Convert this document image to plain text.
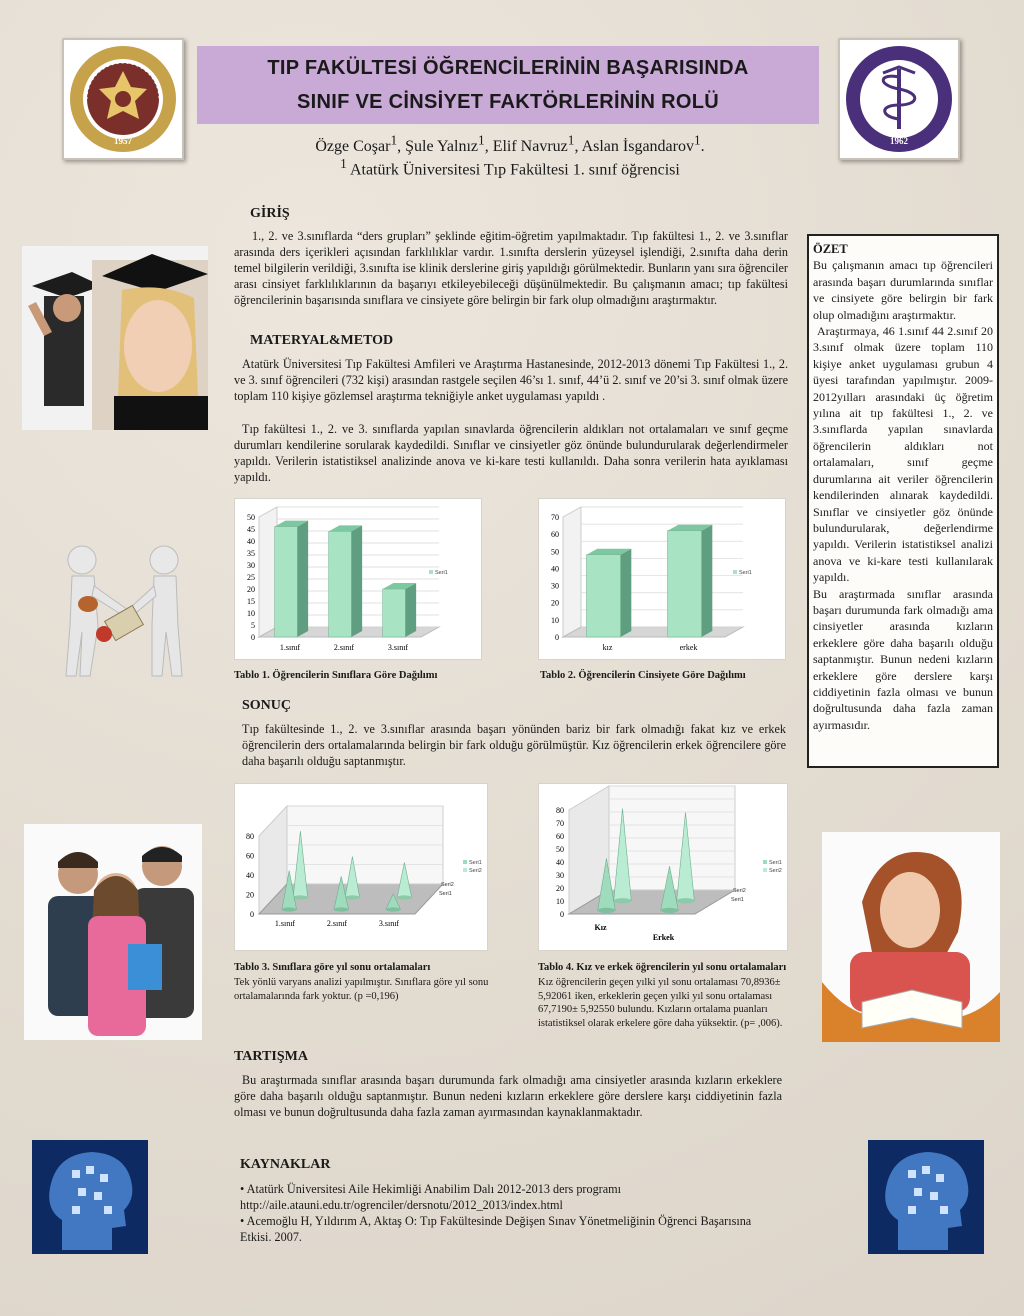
1957
TIP FAKÜLTESİ ÖĞRENCİLERİNİN BAŞARISINDA
SINIF VE CİNSİYET FAKTÖRLERİNİN ROLÜ
1962
Özge Coşar$^1$, Şule Yalnız$^1$, Elif Navruz$^1$, Aslan İsgandarov$^1$.
$^1$ Atatürk Üniversitesi Tıp Fakültesi 1. sınıf öğrencisi
GİRİŞ
1., 2. ve 3.sınıflarda “ders grupları” şeklinde eğitim-öğretim yapılmaktadır. Tıp fakültesi 1., 2. ve 3.sınıflar arasında ders içerikleri açısından farklılıklar vardır. 1.sınıfta derslerin yüzeysel işlendiği, 2.sınıfta daha derin temel bilgilerin verildiği, 3.sınıfta ise klinik derslerine giriş yapıldığı görülmektedir. Bunların yanı sıra öğrenciler arası cinsiyet farklılıklarının da başarıyı etkileyebileceği düşünülmektedir. Bu çalışmanın amacı; tıp fakültesi öğrencilerinin başarısında sınıflara ve cinsiyete göre belirgin bir fark olup olmadığını araştırmaktır.
MATERYAL&METOD
Atatürk Üniversitesi Tıp Fakültesi Amfileri ve Araştırma Hastanesinde, 2012-2013 dönemi Tıp Fakültesi 1., 2. ve 3. sınıf öğrencileri (732 kişi) arasından rastgele seçilen 46’sı 1. sınıf, 44’ü 2. sınıf ve 20’si 3. sınıf olmak üzere toplam 110 kişiye gözlemsel araştırma tekniğiyle anket uygulaması yapıldı .
Tıp fakültesi 1., 2. ve 3. sınıflarda yapılan sınavlarda öğrencilerin aldıkları not ortalamaları ve sınıf geçme durumları kendilerine sorularak kaydedildi. Sınıflar ve cinsiyetler göz önünde bulundurularak değerlendirmeler yapıldı. Verilerin istatistiksel analizinde anova ve ki-kare testi kullanıldı. Daha sonra verilerin hata ayıklaması yapıldı.
ÖZET
Bu çalışmanın amacı tıp öğrencileri arasında başarı durumlarında sınıflar ve cinsiyete göre belirgin bir fark olup olmadığını araştırmaktır.
Araştırmaya, 46 1.sınıf 44 2.sınıf 20 3.sınıf olmak üzere toplam 110 kişiye anket uygulaması grubun 4 üyesi tarafından yapılmıştır. 2009-2012yılları arasındaki üç öğretim yılına ait tıp fakültesi 1., 2. ve 3.sınıflarda yapılan sınavlarda öğrencilerin aldıkları not ortalamaları, sınıf geçme durumlarına ait veriler öğrencilerin kendilerinden alınarak kaydedildi. Sınıflar ve cinsiyetler göz önünde bulundurularak, değerlendirme yapıldı. Verilerin istatistiksel analizi anova ve ki-kare testi kullanılarak yapıldı.
Bu araştırmada sınıflar arasında başarı durumunda fark olmadığı ama cinsiyetler arasında kızların erkeklere göre daha başarılı olduğu saptanmıştır. Bunun nedeni kızların erkeklere göre derslere karşı ciddiyetinin fazla olması ve bunun doğrultusunda daha fazla zaman ayırmasıdır.
0
5
10
15
20
25
30
35
40
45
50
1.sınıf	2.sınıf	3.sınıf
Seri1
0
10
20
30
40
50
60
70
kız	erkek
Seri1
Tablo 1. Öğrencilerin Sınıflara Göre Dağılımı	Tablo 2. Öğrencilerin Cinsiyete Göre Dağılımı
SONUÇ
Tıp fakültesinde 1., 2. ve 3.sınıflar arasında başarı yönünden bariz bir fark olmadığı fakat kız ve erkek öğrencilerin ders ortalamalarında belirgin bir fark olduğu görülmüştür. Kız öğrencilerin erkek öğrencilere göre daha başarılı olduğu saptanmıştır.
0
20
40
60
80
1.sınıf	2.sınıf	3.sınıf
Seri2
Seri1
Seri1
Seri2
0
10
20
30
40
50
60
70
80
Kız
Erkek
Seri2
Seri1
Seri1
Seri2
Tablo 3. Sınıflara göre yıl sonu ortalamaları
Tek yönlü varyans analizi yapılmıştır. Sınıflara göre yıl sonu ortalamalarında fark yoktur. (p =0,196)
Tablo 4. Kız ve erkek öğrencilerin yıl sonu ortalamaları
Kız öğrencilerin geçen yılki yıl sonu ortalaması 70,8936± 5,92061 iken, erkeklerin geçen yılki yıl sonu ortalaması 67,7190± 5,92550 bulundu. Kızların ortalama puanları istatistiksel olarak erkelere göre daha yüksektir. (p= ,006).
TARTIŞMA
Bu araştırmada sınıflar arasında başarı durumunda fark olmadığı ama cinsiyetler arasında kızların erkeklere göre daha başarılı olduğu saptanmıştır. Bunun nedeni kızların erkeklere göre derslere karşı ciddiyetinin fazla olması ve bunun doğrultusunda daha fazla zaman ayırmasından kaynaklanmaktadır.
KAYNAKLAR
• Atatürk Üniversitesi Aile Hekimliği Anabilim Dalı 2012-2013 ders programı http://aile.atauni.edu.tr/ogrenciler/dersnotu/2012_2013/index.html
• Acemoğlu H, Yıldırım A, Aktaş O: Tıp Fakültesinde Değişen Sınav Yönetmeliğinin Öğrenci Başarısına Etkisi. 2007.
